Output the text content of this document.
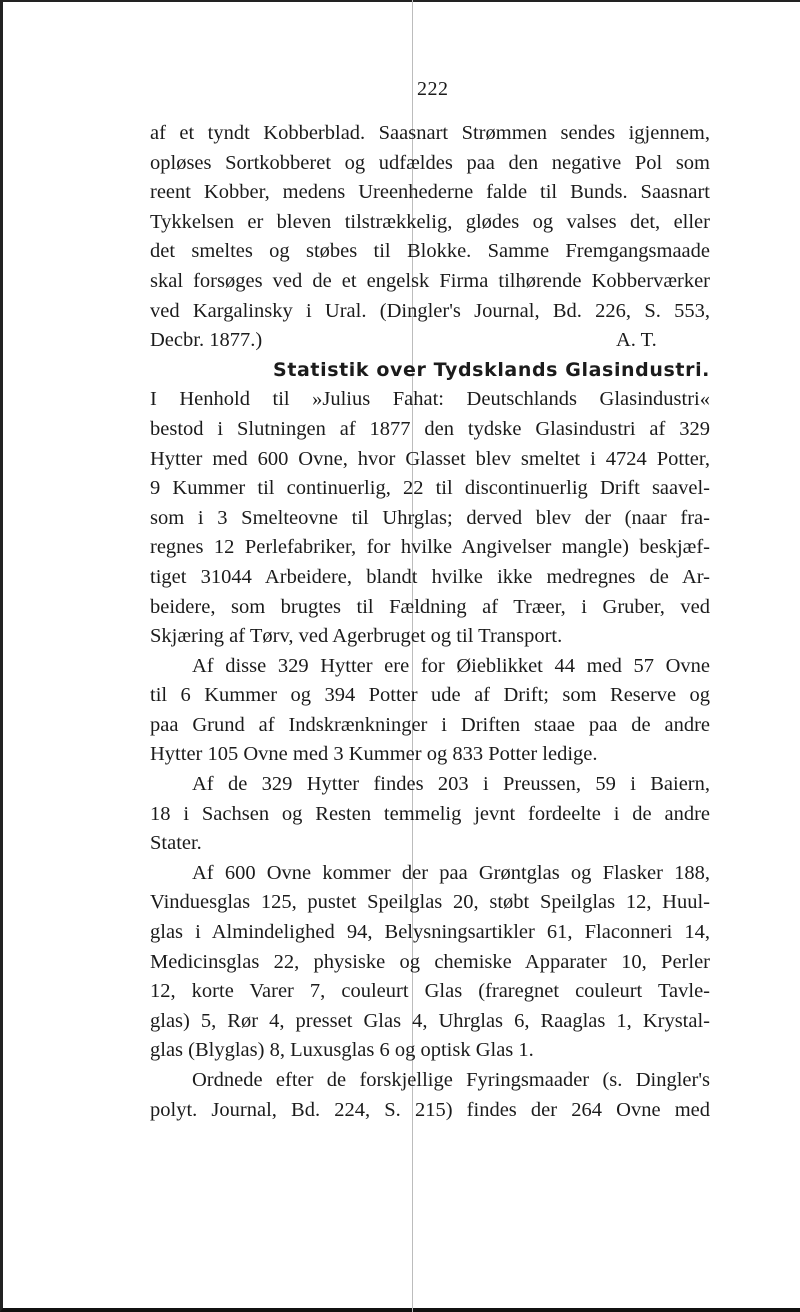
222
af et tyndt Kobberblad. Saasnart Strømmen sendes igjennem,
opløses Sortkobberet og udfældes paa den negative Pol som
reent Kobber, medens Ureenhederne falde til Bunds. Saasnart
Tykkelsen er bleven tilstrækkelig, glødes og valses det, eller
det smeltes og støbes til Blokke. Samme Fremgangsmaade
skal forsøges ved de et engelsk Firma tilhørende Kobberværker
ved Kargalinsky i Ural. (Dingler's Journal, Bd. 226, S. 553,
Decbr. 1877.)	A. T.
Statistik over Tydsklands Glasindustri.
I Henhold til »Julius Fahat: Deutschlands Glasindustri«
bestod i Slutningen af 1877 den tydske Glasindustri af 329
Hytter med 600 Ovne, hvor Glasset blev smeltet i 4724 Potter,
9 Kummer til continuerlig, 22 til discontinuerlig Drift saavel-
som i 3 Smelteovne til Uhrglas; derved blev der (naar fra-
regnes 12 Perlefabriker, for hvilke Angivelser mangle) beskjæf-
tiget 31044 Arbeidere, blandt hvilke ikke medregnes de Ar-
beidere, som brugtes til Fældning af Træer, i Gruber, ved
Skjæring af Tørv, ved Agerbruget og til Transport.
Af disse 329 Hytter ere for Øieblikket 44 med 57 Ovne
til 6 Kummer og 394 Potter ude af Drift; som Reserve og
paa Grund af Indskrænkninger i Driften staae paa de andre
Hytter 105 Ovne med 3 Kummer og 833 Potter ledige.
Af de 329 Hytter findes 203 i Preussen, 59 i Baiern,
18 i Sachsen og Resten temmelig jevnt fordeelte i de andre
Stater.
Af 600 Ovne kommer der paa Grøntglas og Flasker 188,
Vinduesglas 125, pustet Speilglas 20, støbt Speilglas 12, Huul-
glas i Almindelighed 94, Belysningsartikler 61, Flaconneri 14,
Medicinsglas 22, physiske og chemiske Apparater 10, Perler
12, korte Varer 7, couleurt Glas (fraregnet couleurt Tavle-
glas) 5, Rør 4, presset Glas 4, Uhrglas 6, Raaglas 1, Krystal-
glas (Blyglas) 8, Luxusglas 6 og optisk Glas 1.
Ordnede efter de forskjellige Fyringsmaader (s. Dingler's
polyt. Journal, Bd. 224, S. 215) findes der 264 Ovne med
